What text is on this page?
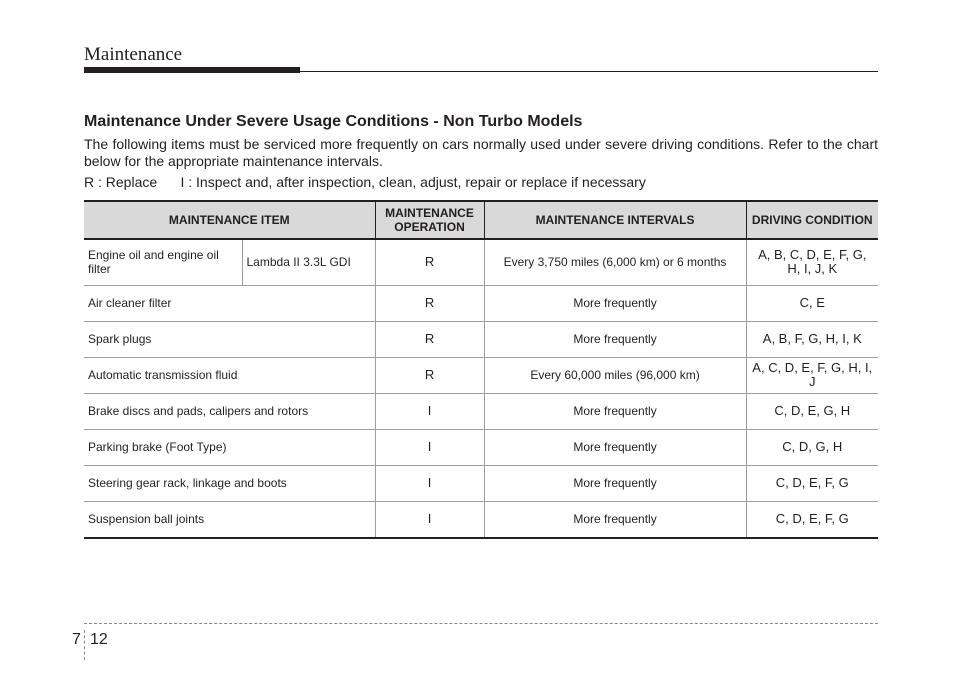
Maintenance
Maintenance Under Severe Usage Conditions - Non Turbo Models
The following items must be serviced more frequently on cars normally used under severe driving conditions. Refer to the chart below for the appropriate maintenance intervals.
R : Replace      I : Inspect and, after inspection, clean, adjust, repair or replace if necessary
MAINTENANCE ITEM		MAINTENANCE OPERATION	MAINTENANCE INTERVALS	DRIVING CONDITION
Engine oil and engine oil filter	Lambda II 3.3L GDI	R	Every 3,750 miles (6,000 km) or 6 months	A, B, C, D, E, F, G, H, I, J, K
Air cleaner filter		R	More frequently	C, E
Spark plugs		R	More frequently	A, B, F, G, H, I, K
Automatic transmission fluid		R	Every 60,000 miles (96,000 km)	A, C, D, E, F, G, H, I, J
Brake discs and pads, calipers and rotors		I	More frequently	C, D, E, G, H
Parking brake (Foot Type)		I	More frequently	C, D, G, H
Steering gear rack, linkage and boots		I	More frequently	C, D, E, F, G
Suspension ball joints		I	More frequently	C, D, E, F, G
7 12
